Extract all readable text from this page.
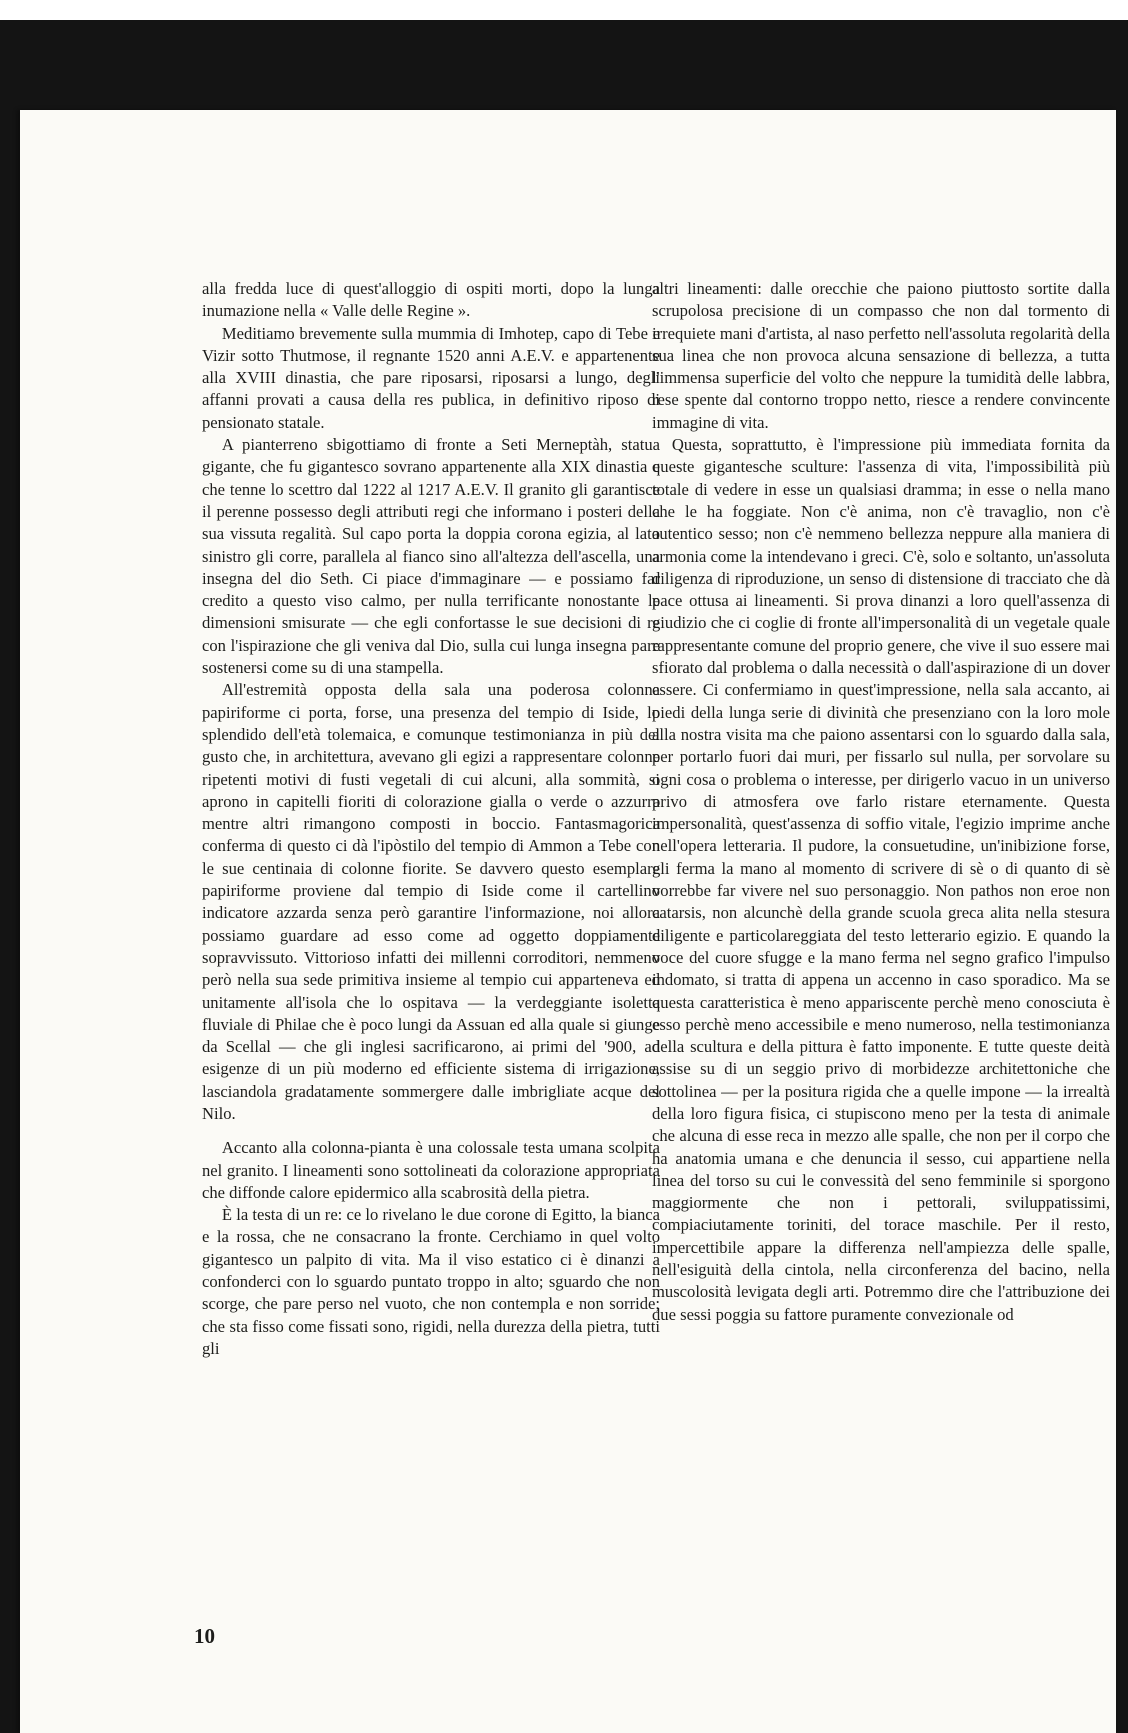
alla fredda luce di quest'alloggio di ospiti morti, dopo la lunga inumazione nella « Valle delle Regine ».

Meditiamo brevemente sulla mummia di Imhotep, capo di Tebe e Vizir sotto Thutmose, il regnante 1520 anni A.E.V. e appartenente alla XVIII dinastia, che pare riposarsi, riposarsi a lungo, degli affanni provati a causa della res publica, in definitivo riposo di pensionato statale.

A pianterreno sbigottiamo di fronte a Seti Merneptàh, statua gigante, che fu gigantesco sovrano appartenente alla XIX dinastia e che tenne lo scettro dal 1222 al 1217 A.E.V. Il granito gli garantisce il perenne possesso degli attributi regi che informano i posteri della sua vissuta regalità. Sul capo porta la doppia corona egizia, al lato sinistro gli corre, parallela al fianco sino all'altezza dell'ascella, una insegna del dio Seth. Ci piace d'immaginare — e possiamo far credito a questo viso calmo, per nulla terrificante nonostante le dimensioni smisurate — che egli confortasse le sue decisioni di re con l'ispirazione che gli veniva dal Dio, sulla cui lunga insegna pare sostenersi come su di una stampella.

All'estremità opposta della sala una poderosa colonna papiriforme ci porta, forse, una presenza del tempio di Iside, lo splendido dell'età tolemaica, e comunque testimonianza in più del gusto che, in architettura, avevano gli egizi a rappresentare colonne ripetenti motivi di fusti vegetali di cui alcuni, alla sommità, si aprono in capitelli fioriti di colorazione gialla o verde o azzurra mentre altri rimangono composti in boccio. Fantasmagorica conferma di questo ci dà l'ipòstilo del tempio di Ammon a Tebe con le sue centinaia di colonne fiorite. Se davvero questo esemplare papiriforme proviene dal tempio di Iside come il cartellino indicatore azzarda senza però garantire l'informazione, noi allora possiamo guardare ad esso come ad oggetto doppiamente sopravvissuto. Vittorioso infatti dei millenni corroditori, nemmeno però nella sua sede primitiva insieme al tempio cui apparteneva ed unitamente all'isola che lo ospitava — la verdeggiante isoletta fluviale di Philae che è poco lungi da Assuan ed alla quale si giunge da Scellal — che gli inglesi sacrificarono, ai primi del '900, ad esigenze di un più moderno ed efficiente sistema di irrigazione, lasciandola gradatamente sommergere dalle imbrigliate acque del Nilo.

Accanto alla colonna-pianta è una colossale testa umana scolpita nel granito. I lineamenti sono sottolineati da colorazione appropriata che diffonde calore epidermico alla scabrosità della pietra.

È la testa di un re: ce lo rivelano le due corone di Egitto, la bianca e la rossa, che ne consacrano la fronte. Cerchiamo in quel volto gigantesco un palpito di vita. Ma il viso estatico ci è dinanzi a confonderci con lo sguardo puntato troppo in alto; sguardo che non scorge, che pare perso nel vuoto, che non contempla e non sorride; che sta fisso come fissati sono, rigidi, nella durezza della pietra, tutti gli

altri lineamenti: dalle orecchie che paiono piuttosto sortite dalla scrupolosa precisione di un compasso che non dal tormento di irrequiete mani d'artista, al naso perfetto nell'assoluta regolarità della sua linea che non provoca alcuna sensazione di bellezza, a tutta l'immensa superficie del volto che neppure la tumidità delle labbra, rese spente dal contorno troppo netto, riesce a rendere convincente immagine di vita.

Questa, soprattutto, è l'impressione più immediata fornita da queste gigantesche sculture: l'assenza di vita, l'impossibilità più totale di vedere in esse un qualsiasi dramma; in esse o nella mano che le ha foggiate. Non c'è anima, non c'è travaglio, non c'è autentico sesso; non c'è nemmeno bellezza neppure alla maniera di armonia come la intendevano i greci. C'è, solo e soltanto, un'assoluta diligenza di riproduzione, un senso di distensione di tracciato che dà pace ottusa ai lineamenti. Si prova dinanzi a loro quell'assenza di giudizio che ci coglie di fronte all'impersonalità di un vegetale quale rappresentante comune del proprio genere, che vive il suo essere mai sfiorato dal problema o dalla necessità o dall'aspirazione di un dover essere. Ci confermiamo in quest'impressione, nella sala accanto, ai piedi della lunga serie di divinità che presenziano con la loro mole alla nostra visita ma che paiono assentarsi con lo sguardo dalla sala, per portarlo fuori dai muri, per fissarlo sul nulla, per sorvolare su ogni cosa o problema o interesse, per dirigerlo vacuo in un universo privo di atmosfera ove farlo ristare eternamente. Questa impersonalità, quest'assenza di soffio vitale, l'egizio imprime anche nell'opera letteraria. Il pudore, la consuetudine, un'inibizione forse, gli ferma la mano al momento di scrivere di sè o di quanto di sè vorrebbe far vivere nel suo personaggio. Non pathos non eroe non catarsis, non alcunchè della grande scuola greca alita nella stesura diligente e particolareggiata del testo letterario egizio. E quando la voce del cuore sfugge e la mano ferma nel segno grafico l'impulso indomato, si tratta di appena un accenno in caso sporadico. Ma se questa caratteristica è meno appariscente perchè meno conosciuta è esso perchè meno accessibile e meno numeroso, nella testimonianza della scultura e della pittura è fatto imponente. E tutte queste deità assise su di un seggio privo di morbidezze architettoniche che sottolinea — per la positura rigida che a quelle impone — la irrealtà della loro figura fisica, ci stupiscono meno per la testa di animale che alcuna di esse reca in mezzo alle spalle, che non per il corpo che ha anatomia umana e che denuncia il sesso, cui appartiene nella linea del torso su cui le convessità del seno femminile si sporgono maggiormente che non i pettorali, sviluppatissimi, compiaciutamente toriniti, del torace maschile. Per il resto, impercettibile appare la differenza nell'ampiezza delle spalle, nell'esiguità della cintola, nella circonferenza del bacino, nella muscolosità levigata degli arti. Potremmo dire che l'attribuzione dei due sessi poggia su fattore puramente convezionale od

10
